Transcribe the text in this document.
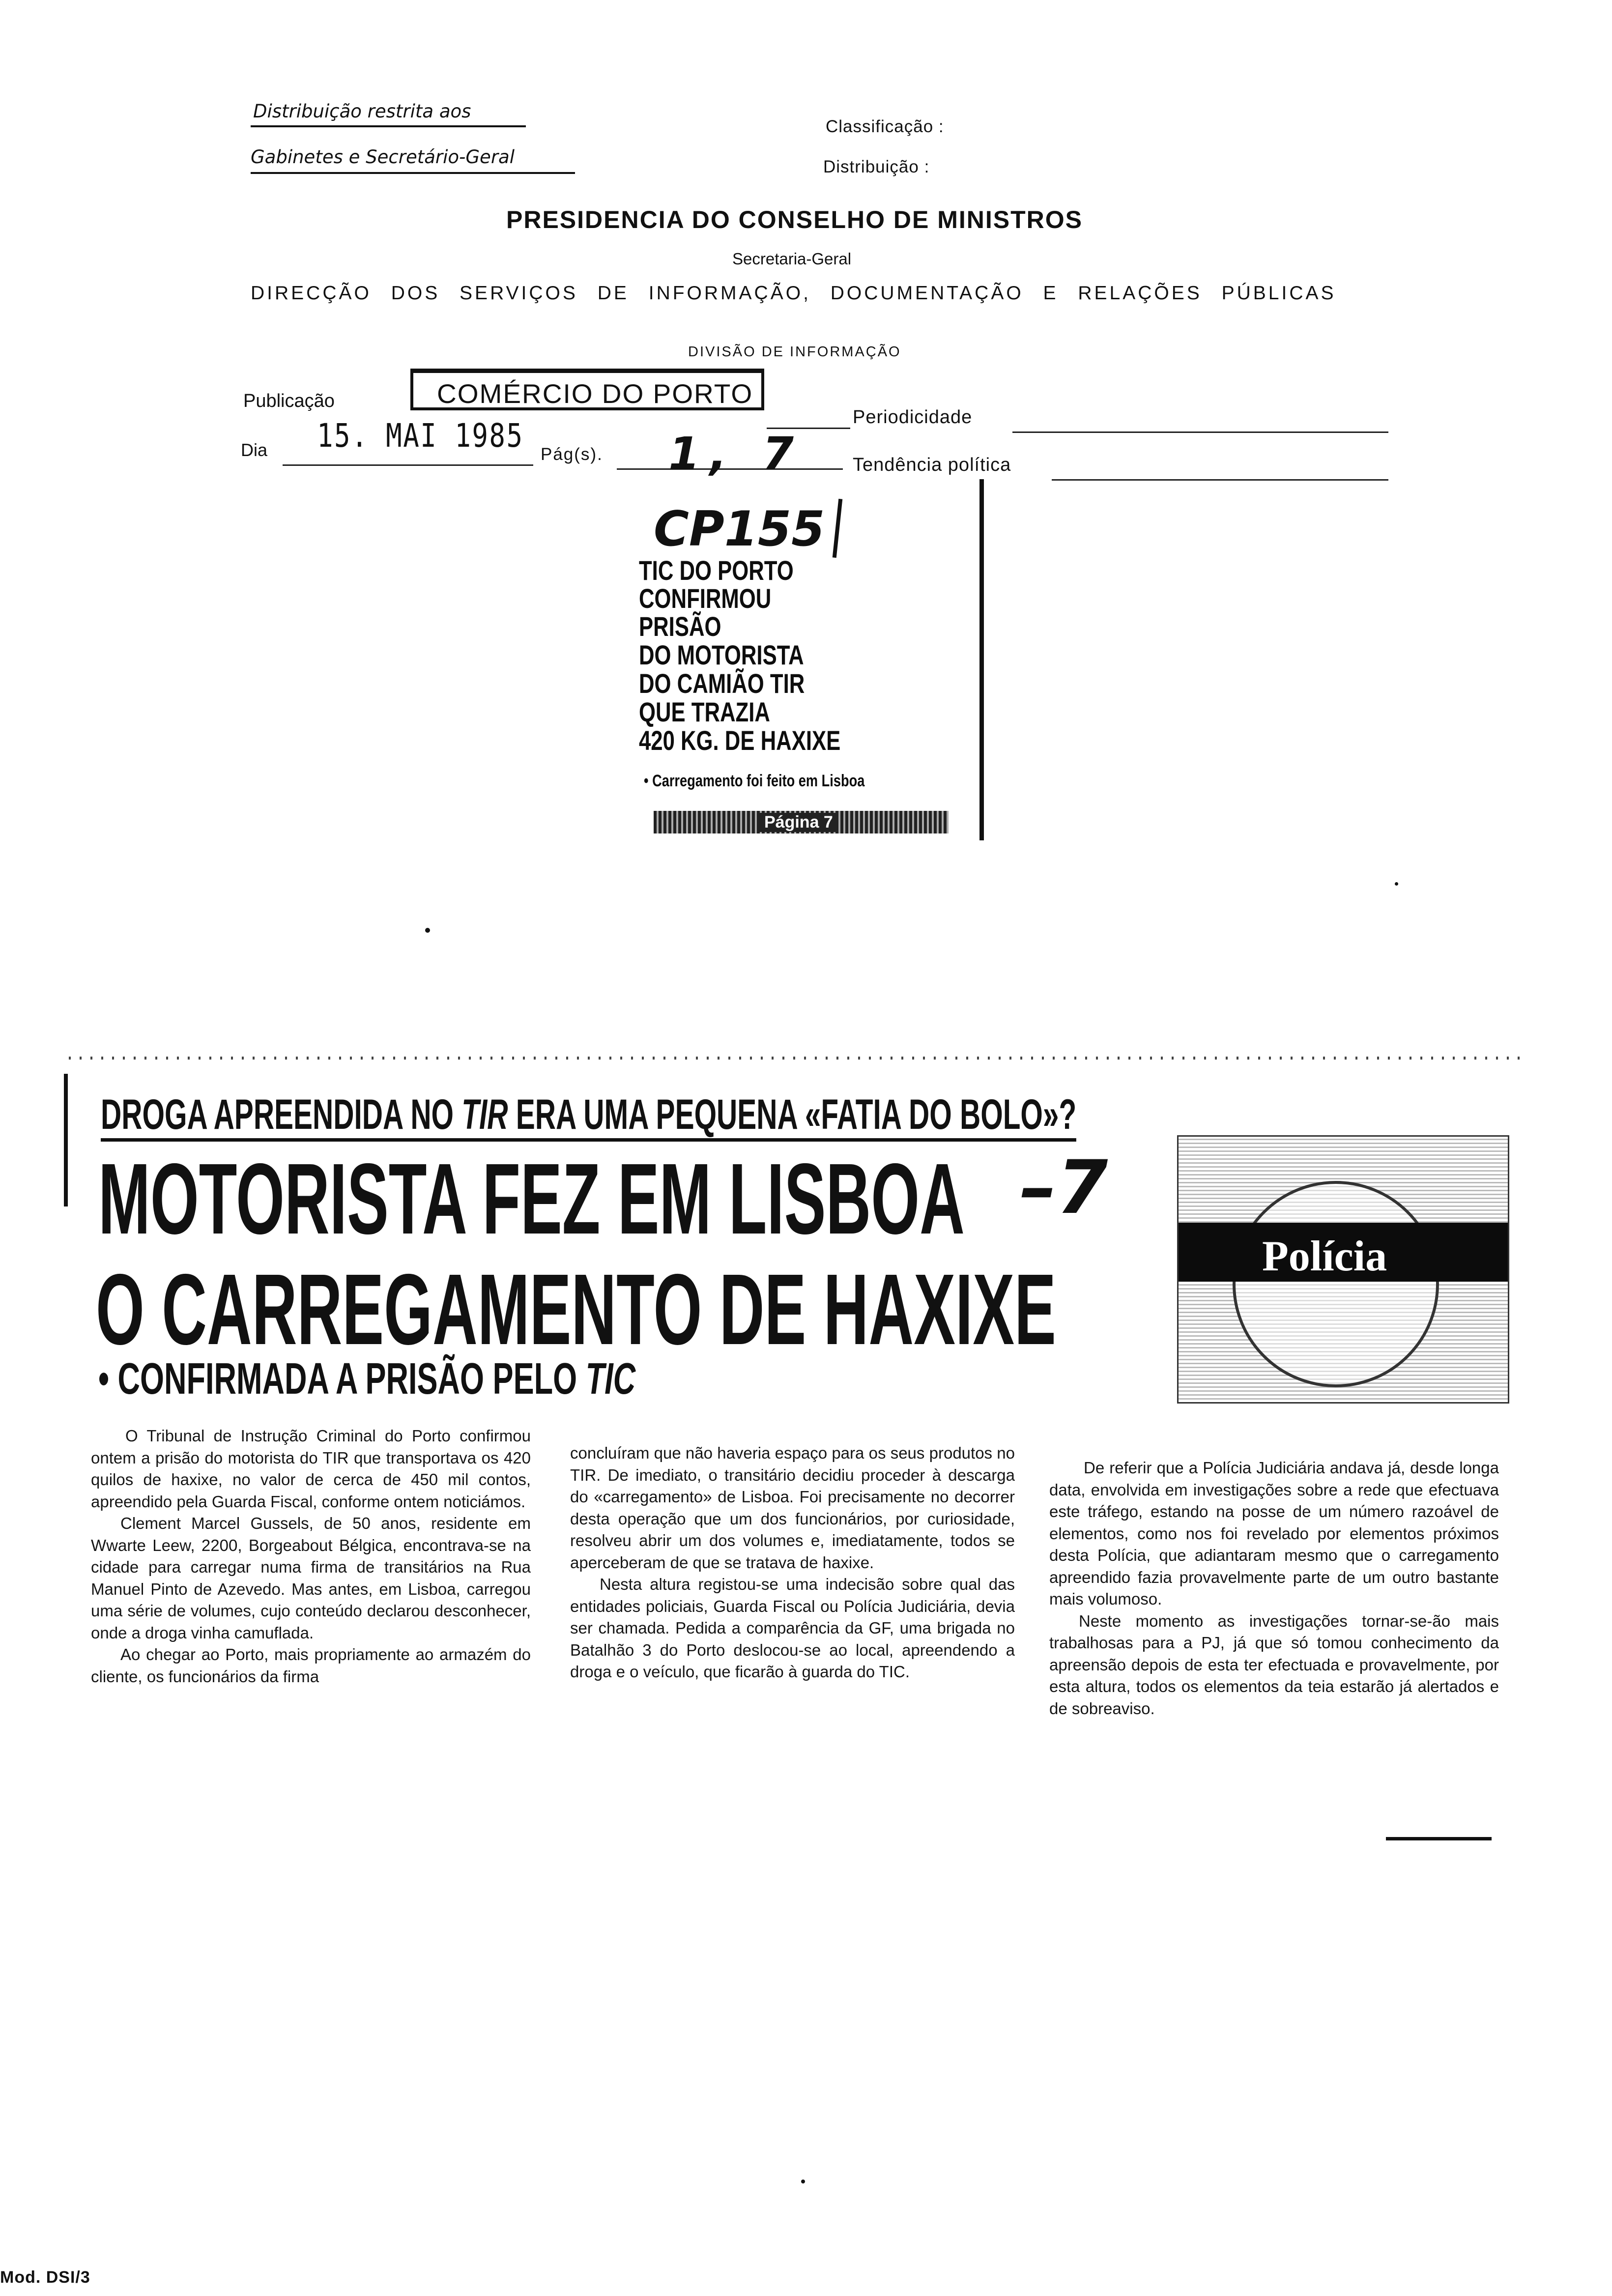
Distribuição restrita aos
Gabinetes e Secretário-Geral
Classificação :
Distribuição :
PRESIDENCIA DO CONSELHO DE MINISTROS
Secretaria-Geral
DIRECÇÃO DOS SERVIÇOS DE INFORMAÇÃO, DOCUMENTAÇÃO E RELAÇÕES PÚBLICAS
DIVISÃO DE INFORMAÇÃO
Publicação	COMÉRCIO DO PORTO
Dia 15. MAI 1985 Pág(s). 1, 7
Periodicidade
Tendência política
CP155
TIC DO PORTO
CONFIRMOU
PRISÃO
DO MOTORISTA
DO CAMIÃO TIR
QUE TRAZIA
420 KG. DE HAXIXE
• Carregamento foi feito em Lisboa
Página 7
DROGA APREENDIDA NO TIR ERA UMA PEQUENA «FATIA DO BOLO»?
MOTORISTA FEZ EM LISBOA –7
O CARREGAMENTO DE HAXIXE
• CONFIRMADA A PRISÃO PELO TIC
Polícia

O Tribunal de Instrução Criminal do Porto confirmou ontem a prisão do motorista do TIR que transportava os 420 quilos de haxixe, no valor de cerca de 450 mil contos, apreendido pela Guarda Fiscal, conforme ontem noticiámos.

Clement Marcel Gussels, de 50 anos, residente em Wwarte Leew, 2200, Borgeabout Bélgica, encontrava-se na cidade para carregar numa firma de transitários na Rua Manuel Pinto de Azevedo. Mas antes, em Lisboa, carregou uma série de volumes, cujo conteúdo declarou desconhecer, onde a droga vinha camuflada.

Ao chegar ao Porto, mais propriamente ao armazém do cliente, os funcionários da firma

concluíram que não haveria espaço para os seus produtos no TIR. De imediato, o transitário decidiu proceder à descarga do «carregamento» de Lisboa. Foi precisamente no decorrer desta operação que um dos funcionários, por curiosidade, resolveu abrir um dos volumes e, imediatamente, todos se aperceberam de que se tratava de haxixe.

Nesta altura registou-se uma indecisão sobre qual das entidades policiais, Guarda Fiscal ou Polícia Judiciária, devia ser chamada. Pedida a comparência da GF, uma brigada no Batalhão 3 do Porto deslocou-se ao local, apreendendo a droga e o veículo, que ficarão à guarda do TIC.

De referir que a Polícia Judiciária andava já, desde longa data, envolvida em investigações sobre a rede que efectuava este tráfego, estando na posse de um número razoável de elementos, como nos foi revelado por elementos próximos desta Polícia, que adiantaram mesmo que o carregamento apreendido fazia provavelmente parte de um outro bastante mais volumoso.

Neste momento as investigações tornar-se-ão mais trabalhosas para a PJ, já que só tomou conhecimento da apreensão depois de esta ter efectuada e provavelmente, por esta altura, todos os elementos da teia estarão já alertados e de sobreaviso.

Mod. DSI/3
